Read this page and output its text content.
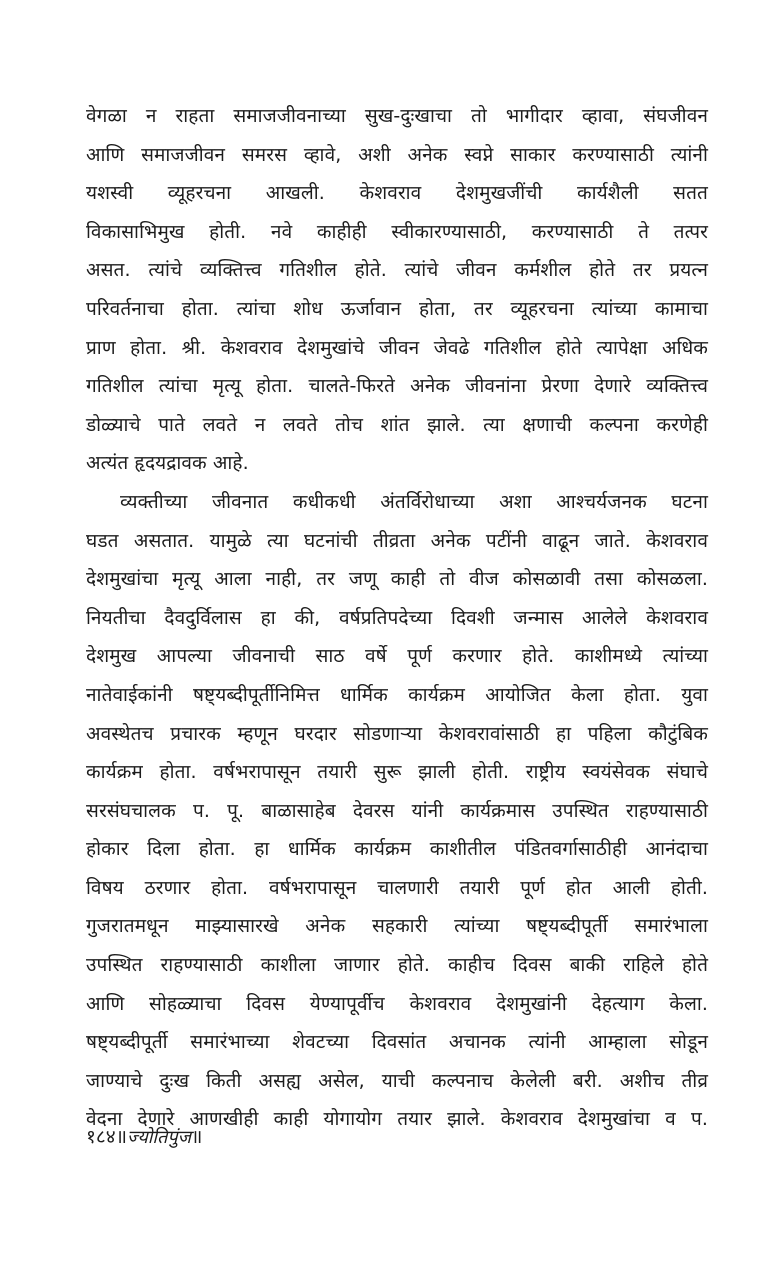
वेगळा न राहता समाजजीवनाच्या सुख-दुःखाचा तो भागीदार व्हावा, संघजीवन
आणि समाजजीवन समरस व्हावे, अशी अनेक स्वप्ने साकार करण्यासाठी त्यांनी
यशस्वी व्यूहरचना आखली. केशवराव देशमुखजींची कार्यशैली सतत
विकासाभिमुख होती. नवे काहीही स्वीकारण्यासाठी, करण्यासाठी ते तत्पर
असत. त्यांचे व्यक्तित्त्व गतिशील होते. त्यांचे जीवन कर्मशील होते तर प्रयत्न
परिवर्तनाचा होता. त्यांचा शोध ऊर्जावान होता, तर व्यूहरचना त्यांच्या कामाचा
प्राण होता. श्री. केशवराव देशमुखांचे जीवन जेवढे गतिशील होते त्यापेक्षा अधिक
गतिशील त्यांचा मृत्यू होता. चालते-फिरते अनेक जीवनांना प्रेरणा देणारे व्यक्तित्त्व
डोळ्याचे पाते लवते न लवते तोच शांत झाले. त्या क्षणाची कल्पना करणेही
अत्यंत हृदयद्रावक आहे.
व्यक्तीच्या जीवनात कधीकधी अंतर्विरोधाच्या अशा आश्चर्यजनक घटना
घडत असतात. यामुळे त्या घटनांची तीव्रता अनेक पटींनी वाढून जाते. केशवराव
देशमुखांचा मृत्यू आला नाही, तर जणू काही तो वीज कोसळावी तसा कोसळला.
नियतीचा दैवदुर्विलास हा की, वर्षप्रतिपदेच्या दिवशी जन्मास आलेले केशवराव
देशमुख आपल्या जीवनाची साठ वर्षे पूर्ण करणार होते. काशीमध्ये त्यांच्या
नातेवाईकांनी षष्ट्यब्दीपूर्तीनिमित्त धार्मिक कार्यक्रम आयोजित केला होता. युवा
अवस्थेतच प्रचारक म्हणून घरदार सोडणाऱ्या केशवरावांसाठी हा पहिला कौटुंबिक
कार्यक्रम होता. वर्षभरापासून तयारी सुरू झाली होती. राष्ट्रीय स्वयंसेवक संघाचे
सरसंघचालक प. पू. बाळासाहेब देवरस यांनी कार्यक्रमास उपस्थित राहण्यासाठी
होकार दिला होता. हा धार्मिक कार्यक्रम काशीतील पंडितवर्गासाठीही आनंदाचा
विषय ठरणार होता. वर्षभरापासून चालणारी तयारी पूर्ण होत आली होती.
गुजरातमधून माझ्यासारखे अनेक सहकारी त्यांच्या षष्ट्यब्दीपूर्ती समारंभाला
उपस्थित राहण्यासाठी काशीला जाणार होते. काहीच दिवस बाकी राहिले होते
आणि सोहळ्याचा दिवस येण्यापूर्वीच केशवराव देशमुखांनी देहत्याग केला.
षष्ट्यब्दीपूर्ती समारंभाच्या शेवटच्या दिवसांत अचानक त्यांनी आम्हाला सोडून
जाण्याचे दुःख किती असह्य असेल, याची कल्पनाच केलेली बरी. अशीच तीव्र
वेदना देणारे आणखीही काही योगायोग तयार झाले. केशवराव देशमुखांचा व प.
१८४॥ज्योतिपुंज॥
